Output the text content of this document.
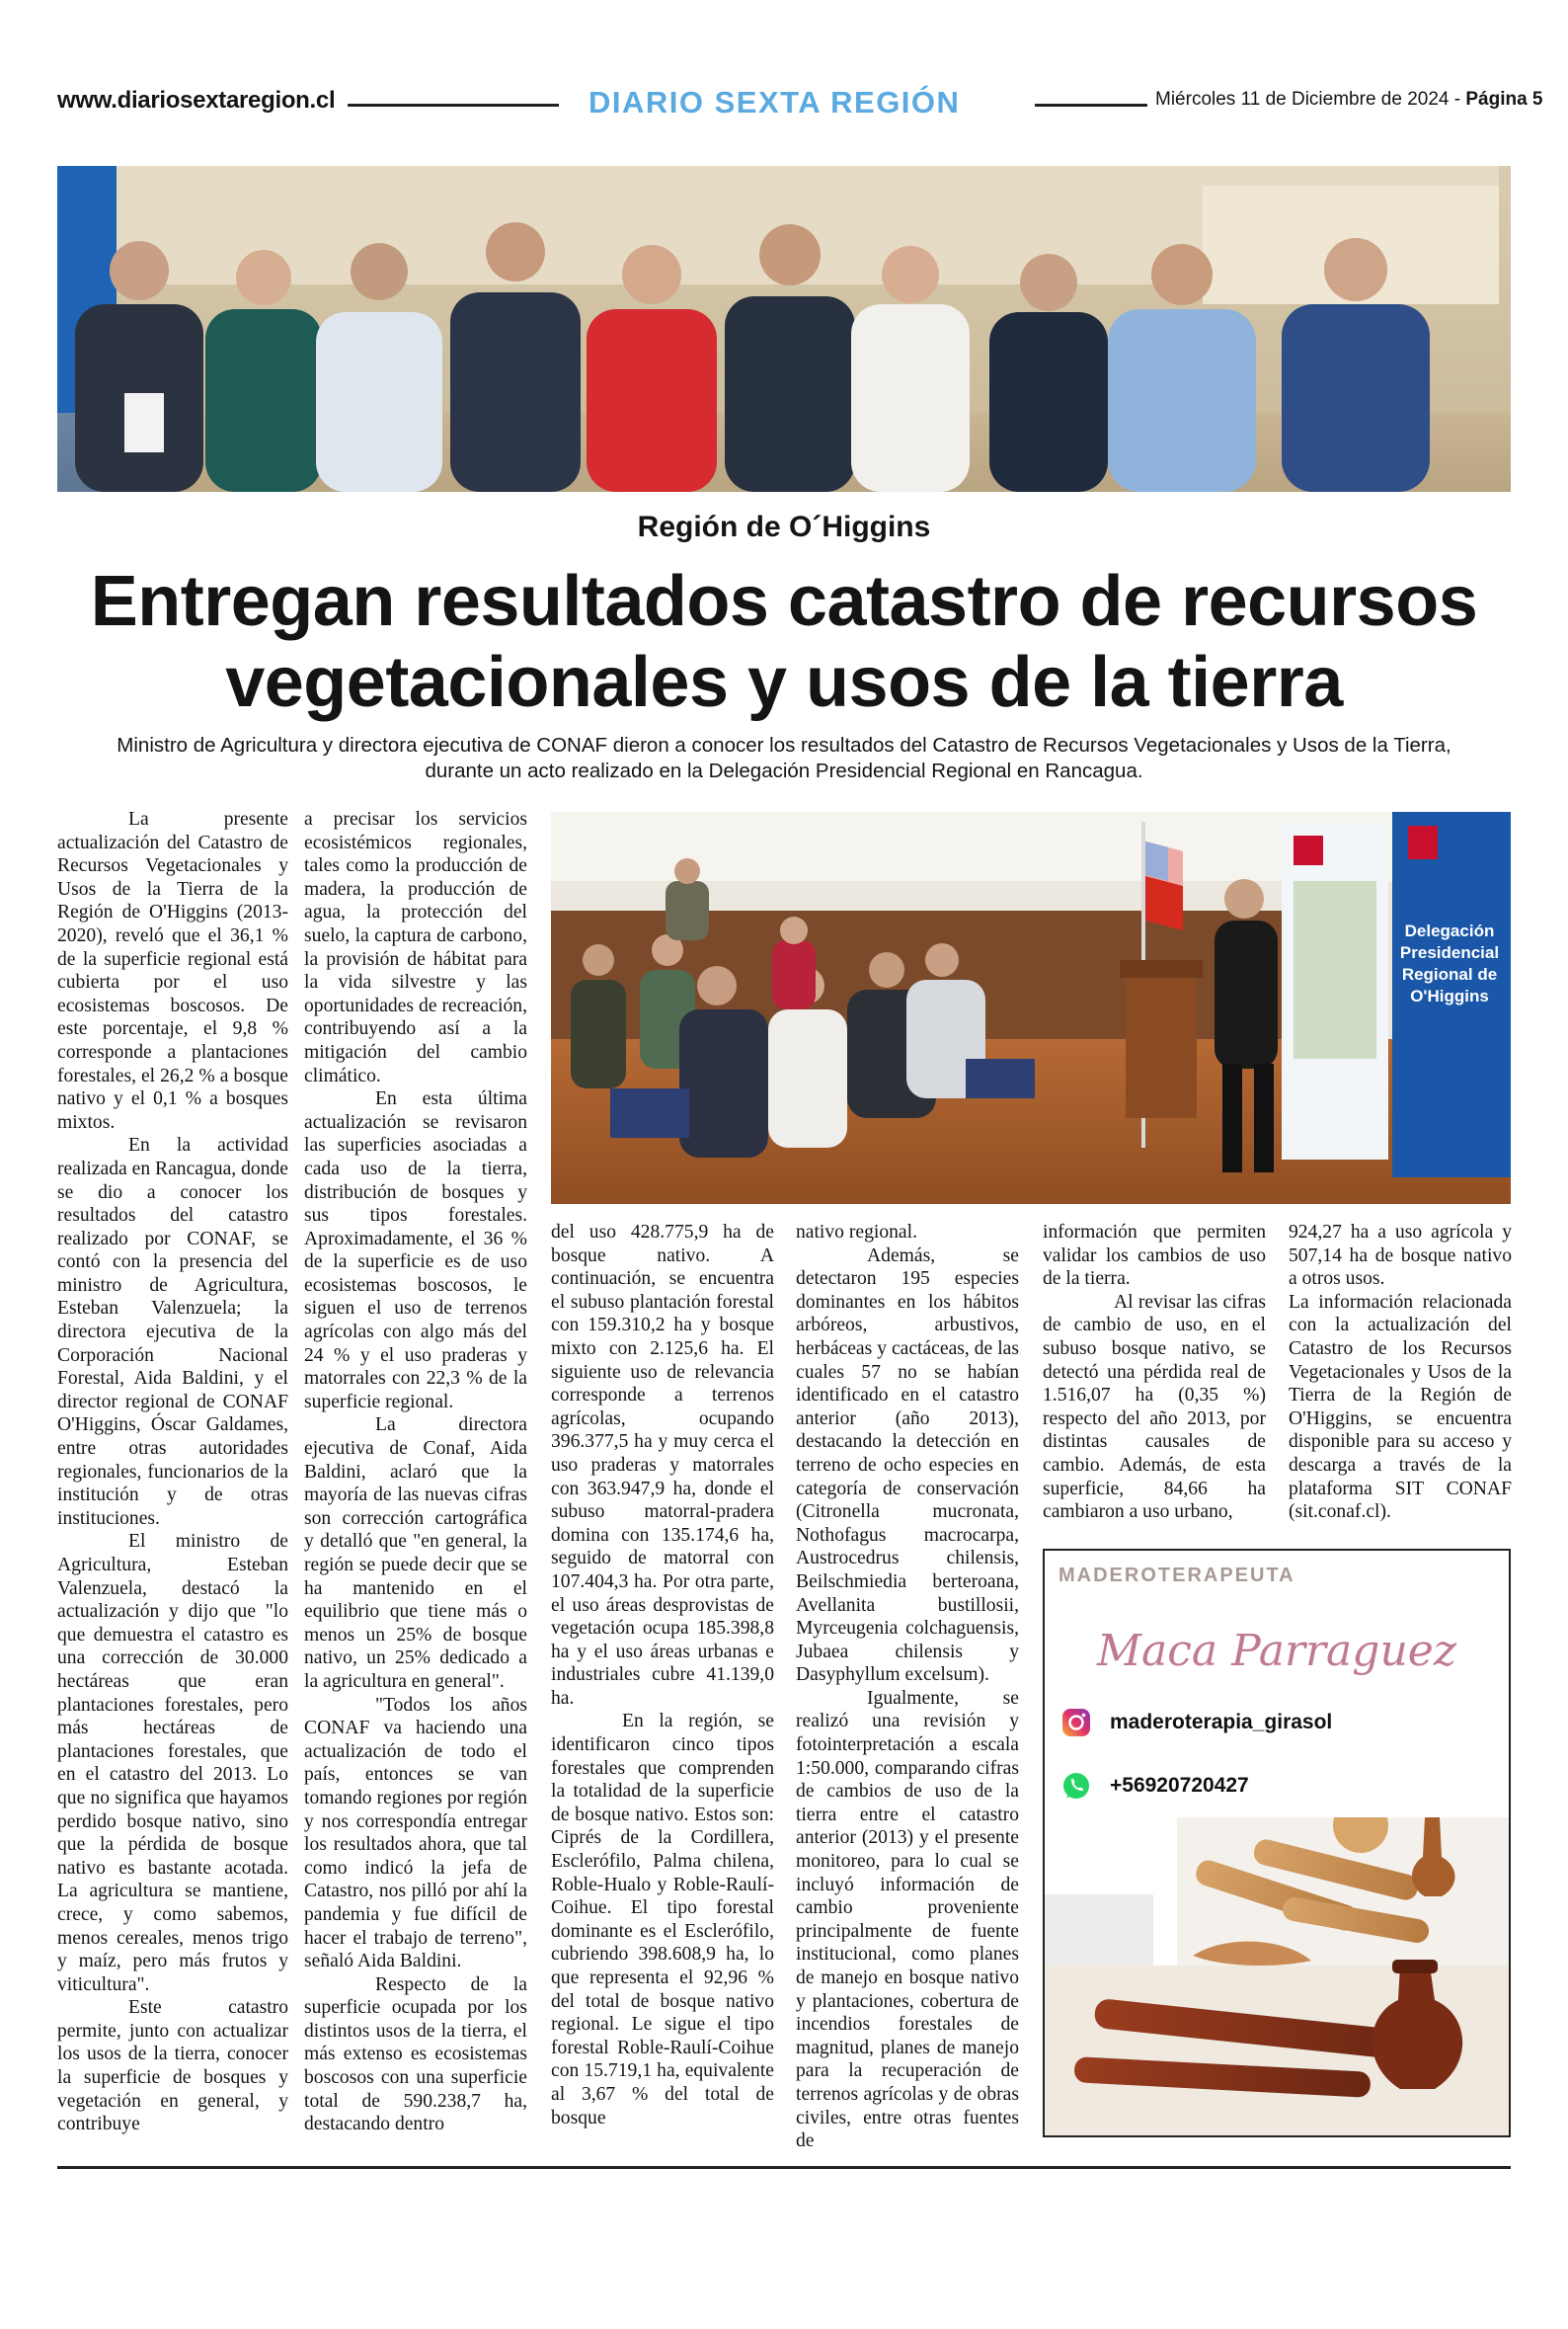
www.diariosextaregion.cl	DIARIO SEXTA REGIÓN	Miércoles 11 de Diciembre de 2024 - Página 5
Región de O´Higgins
Entregan resultados catastro de recursos
vegetacionales y usos de la tierra
Ministro de Agricultura y directora ejecutiva de CONAF dieron a conocer los resultados del Catastro de Recursos Vegetacionales y Usos de la Tierra,
durante un acto realizado en la Delegación Presidencial Regional en Rancagua.
Delegación
Presidencial
Regional de
O'Higgins

La presente actualización del Catastro de Recursos Vegetacionales y Usos de la Tierra de la Región de O'Higgins (2013-2020), reveló que el 36,1 % de la superficie regional está cubierta por el uso ecosistemas boscosos. De este porcentaje, el 9,8 % corresponde a plantaciones forestales, el 26,2 % a bosque nativo y el 0,1 % a bosques mixtos.

En la actividad realizada en Rancagua, donde se dio a conocer los resultados del catastro realizado por CONAF, se contó con la presencia del ministro de Agricultura, Esteban Valenzuela; la directora ejecutiva de la Corporación Nacional Forestal, Aida Baldini, y el director regional de CONAF O'Higgins, Óscar Galdames, entre otras autoridades regionales, funcionarios de la institución y de otras instituciones.

El ministro de Agricultura, Esteban Valenzuela, destacó la actualización y dijo que "lo que demuestra el catastro es una corrección de 30.000 hectáreas que eran plantaciones forestales, pero más hectáreas de plantaciones forestales, que en el catastro del 2013. Lo que no significa que hayamos perdido bosque nativo, sino que la pérdida de bosque nativo es bastante acotada. La agricultura se mantiene, crece, y como sabemos, menos cereales, menos trigo y maíz, pero más frutos y viticultura".

Este catastro permite, junto con actualizar los usos de la tierra, conocer la superficie de bosques y vegetación en general, y contribuye

a precisar los servicios ecosistémicos regionales, tales como la producción de madera, la producción de agua, la protección del suelo, la captura de carbono, la provisión de hábitat para la vida silvestre y las oportunidades de recreación, contribuyendo así a la mitigación del cambio climático.

En esta última actualización se revisaron las superficies asociadas a cada uso de la tierra, distribución de bosques y sus tipos forestales. Aproximadamente, el 36 % de la superficie es de uso ecosistemas boscosos, le siguen el uso de terrenos agrícolas con algo más del 24 % y el uso praderas y matorrales con 22,3 % de la superficie regional.

La directora ejecutiva de Conaf, Aida Baldini, aclaró que la mayoría de las nuevas cifras son corrección cartográfica y detalló que "en general, la región se puede decir que se ha mantenido en el equilibrio que tiene más o menos un 25% de bosque nativo, un 25% dedicado a la agricultura en general".

"Todos los años CONAF va haciendo una actualización de todo el país, entonces se van tomando regiones por región y nos correspondía entregar los resultados ahora, que tal como indicó la jefa de Catastro, nos pilló por ahí la pandemia y fue difícil de hacer el trabajo de terreno", señaló Aida Baldini.

Respecto de la superficie ocupada por los distintos usos de la tierra, el más extenso es ecosistemas boscosos con una superficie total de 590.238,7 ha, destacando dentro

del uso 428.775,9 ha de bosque nativo. A continuación, se encuentra el subuso plantación forestal con 159.310,2 ha y bosque mixto con 2.125,6 ha. El siguiente uso de relevancia corresponde a terrenos agrícolas, ocupando 396.377,5 ha y muy cerca el uso praderas y matorrales con 363.947,9 ha, donde el subuso matorral-pradera domina con 135.174,6 ha, seguido de matorral con 107.404,3 ha. Por otra parte, el uso áreas desprovistas de vegetación ocupa 185.398,8 ha y el uso áreas urbanas e industriales cubre 41.139,0 ha.

En la región, se identificaron cinco tipos forestales que comprenden la totalidad de la superficie de bosque nativo. Estos son: Ciprés de la Cordillera, Esclerófilo, Palma chilena, Roble-Hualo y Roble-Raulí-Coihue. El tipo forestal dominante es el Esclerófilo, cubriendo 398.608,9 ha, lo que representa el 92,96 % del total de bosque nativo regional. Le sigue el tipo forestal Roble-Raulí-Coihue con 15.719,1 ha, equivalente al 3,67 % del total de bosque

nativo regional.

Además, se detectaron 195 especies dominantes en los hábitos arbóreos, arbustivos, herbáceas y cactáceas, de las cuales 57 no se habían identificado en el catastro anterior (año 2013), destacando la detección en terreno de ocho especies en categoría de conservación (Citronella mucronata, Nothofagus macrocarpa, Austrocedrus chilensis, Beilschmiedia berteroana, Avellanita bustillosii, Myrceugenia colchaguensis, Jubaea chilensis y Dasyphyllum excelsum).

Igualmente, se realizó una revisión y fotointerpretación a escala 1:50.000, comparando cifras de cambios de uso de la tierra entre el catastro anterior (2013) y el presente monitoreo, para lo cual se incluyó información de cambio proveniente principalmente de fuente institucional, como planes de manejo en bosque nativo y plantaciones, cobertura de incendios forestales de magnitud, planes de manejo para la recuperación de terrenos agrícolas y de obras civiles, entre otras fuentes de

información que permiten validar los cambios de uso de la tierra.

Al revisar las cifras de cambio de uso, en el subuso bosque nativo, se detectó una pérdida real de 1.516,07 ha (0,35 %) respecto del año 2013, por distintas causales de cambio. Además, de esta superficie, 84,66 ha cambiaron a uso urbano,

924,27 ha a uso agrícola y 507,14 ha de bosque nativo a otros usos.

La información relacionada con la actualización del Catastro de los Recursos Vegetacionales y Usos de la Tierra de la Región de O'Higgins, se encuentra disponible para su acceso y descarga a través de la plataforma SIT CONAF (sit.conaf.cl).

MADEROTERAPEUTA
Maca Parraguez
maderoterapia_girasol
+56920720427
